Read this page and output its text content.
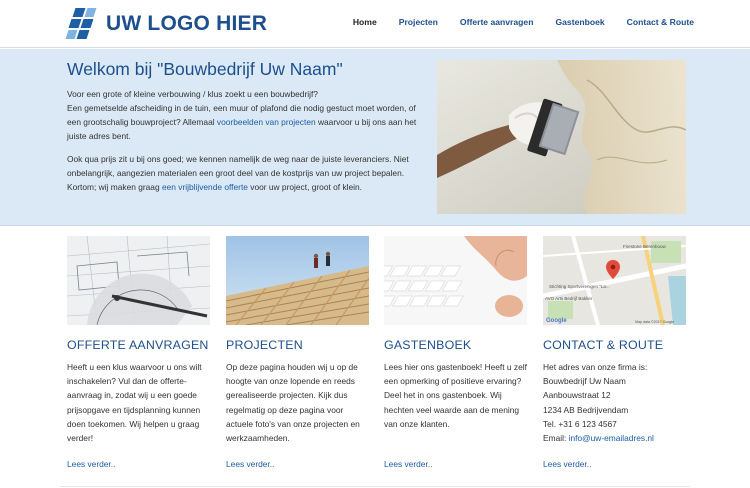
UW LOGO HIER	Home	Projecten	Offerte aanvragen	Gastenboek	Contact & Route
Welkom bij "Bouwbedrijf Uw Naam"

Voor een grote of kleine verbouwing / klus zoekt u een bouwbedrijf?
Een gemetselde afscheiding in de tuin, een muur of plafond die nodig gestuct moet worden, of een grootschalig bouwproject? Allemaal voorbeelden van projecten waarvoor u bij ons aan het juiste adres bent.

Ook qua prijs zit u bij ons goed; we kennen namelijk de weg naar de juiste leveranciers. Niet onbelangrijk, aangezien materialen een groot deel van de kostprijs van uw project bepalen. Kortom; wij maken graag een vrijblijvende offerte voor uw project, groot of klein.

OFFERTE AANVRAGEN
Heeft u een klus waarvoor u ons wilt inschakelen? Vul dan de offerte-aanvraag in, zodat wij u een goede prijsopgave en tijdsplanning kunnen doen toekomen. Wij helpen u graag verder!
Lees verder..
PROJECTEN
Op deze pagina houden wij u op de hoogte van onze lopende en reeds gerealiseerde projecten. Kijk dus regelmatig op deze pagina voor actuele foto's van onze projecten en werkzaamheden.
Lees verder..
GASTENBOEK
Lees hier ons gastenboek! Heeft u zelf een opmerking of positieve ervaring? Deel het in ons gastenboek. Wij hechten veel waarde aan de mening van onze klanten.
Lees verder..
Firestone Berenbouw
Stichting Sportverenigen "La...
AVO Arts Bedrijf Bakker
Google	Map data ©2017 Google
CONTACT & ROUTE
Het adres van onze firma is:
Bouwbedrijf Uw Naam
Aanbouwstraat 12
1234 AB Bedrijvendam
Tel. +31 6 123 4567
Email: info@uw-emailadres.nl
Lees verder..
